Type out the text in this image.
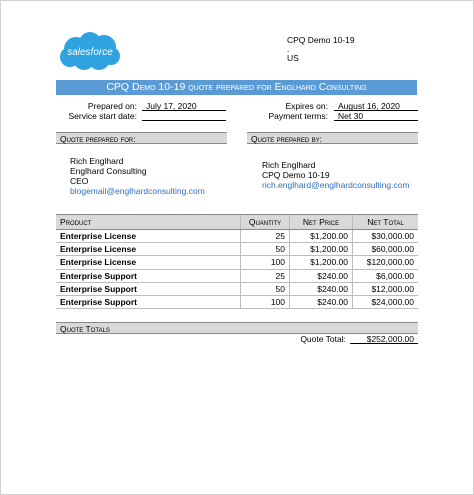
salesforce
CPQ Demo 10-19
.
US
CPQ Demo 10-19 quote prepared for Englhard Consulting
Prepared on: July 17, 2020
Service start date:
Expires on: August 16, 2020
Payment terms: Net 30
Quote prepared for:	Quote prepared by:
Rich Englhard
Englhard Consulting
CEO
blogemail@englhardconsulting.com
Rich Englhard
CPQ Demo 10-19
rich.englhard@englhardconsulting.com
Product	Quantity	Net Price	Net Total
Enterprise License	25	$1,200.00	$30,000.00
Enterprise License	50	$1,200.00	$60,000.00
Enterprise License	100	$1,200.00	$120,000.00
Enterprise Support	25	$240.00	$6,000.00
Enterprise Support	50	$240.00	$12,000.00
Enterprise Support	100	$240.00	$24,000.00
Quote Totals
Quote Total:	$252,000.00
